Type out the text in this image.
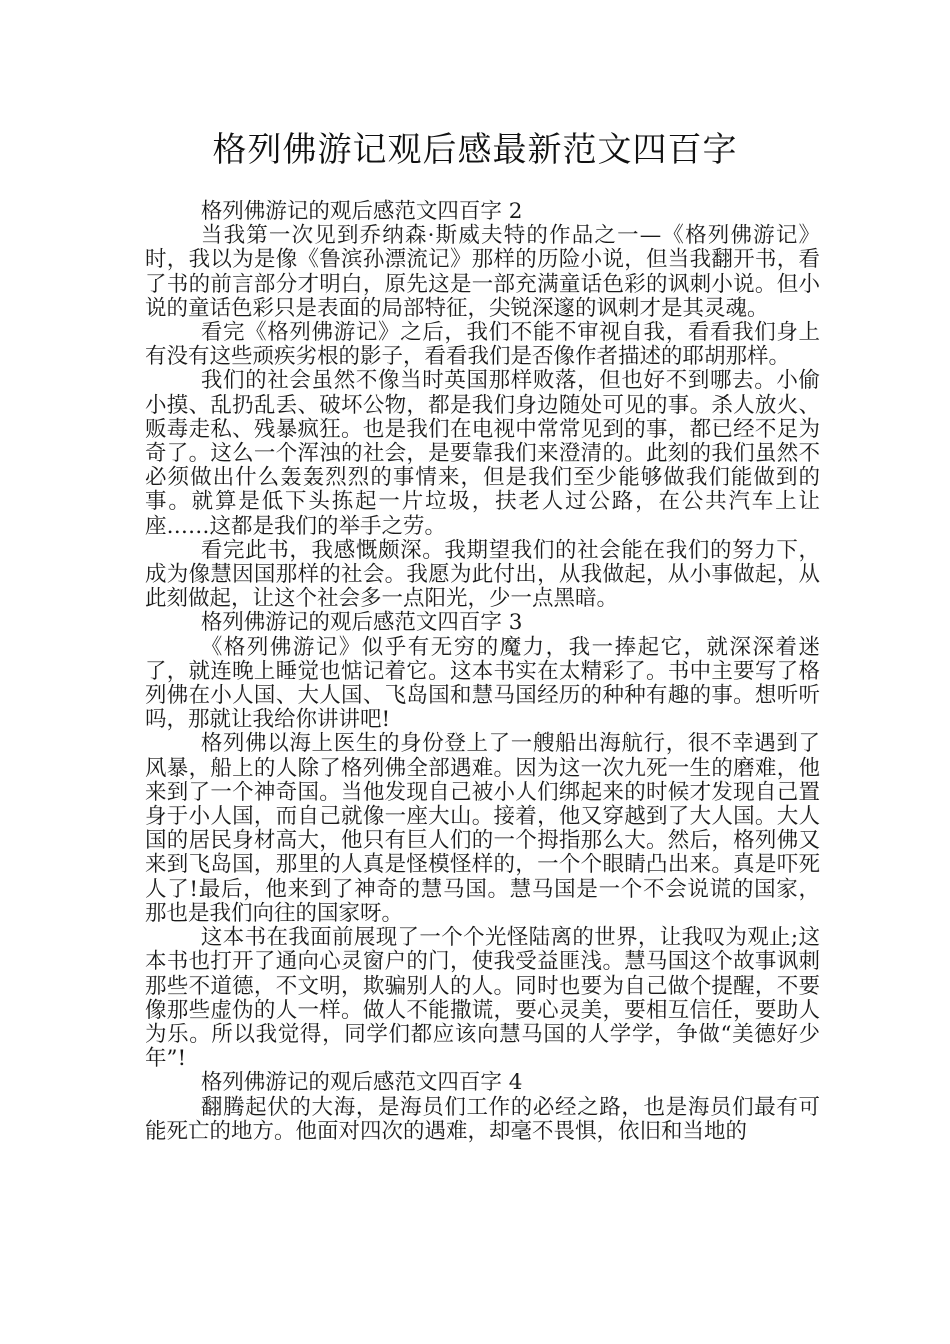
格列佛游记观后感最新范文四百字

格列佛游记的观后感范文四百字 2

当我第一次见到乔纳森·斯威夫特的作品之一—《格列佛游记》时，我以为是像《鲁滨孙漂流记》那样的历险小说，但当我翻开书，看了书的前言部分才明白，原先这是一部充满童话色彩的讽刺小说。但小说的童话色彩只是表面的局部特征，尖锐深邃的讽刺才是其灵魂。

看完《格列佛游记》之后，我们不能不审视自我，看看我们身上有没有这些顽疾劣根的影子，看看我们是否像作者描述的耶胡那样。

我们的社会虽然不像当时英国那样败落，但也好不到哪去。小偷小摸、乱扔乱丢、破坏公物，都是我们身边随处可见的事。杀人放火、贩毒走私、残暴疯狂。也是我们在电视中常常见到的事，都已经不足为奇了。这么一个浑浊的社会，是要靠我们来澄清的。此刻的我们虽然不必须做出什么轰轰烈烈的事情来，但是我们至少能够做我们能做到的事。就算是低下头拣起一片垃圾，扶老人过公路，在公共汽车上让座……这都是我们的举手之劳。

看完此书，我感慨颇深。我期望我们的社会能在我们的努力下，成为像慧因国那样的社会。我愿为此付出，从我做起，从小事做起，从此刻做起，让这个社会多一点阳光，少一点黑暗。

格列佛游记的观后感范文四百字 3

《格列佛游记》似乎有无穷的魔力，我一捧起它，就深深着迷了，就连晚上睡觉也惦记着它。这本书实在太精彩了。书中主要写了格列佛在小人国、大人国、飞岛国和慧马国经历的种种有趣的事。想听听吗，那就让我给你讲讲吧!

格列佛以海上医生的身份登上了一艘船出海航行，很不幸遇到了风暴，船上的人除了格列佛全部遇难。因为这一次九死一生的磨难，他来到了一个神奇国。当他发现自己被小人们绑起来的时候才发现自己置身于小人国，而自己就像一座大山。接着，他又穿越到了大人国。大人国的居民身材高大，他只有巨人们的一个拇指那么大。然后，格列佛又来到飞岛国，那里的人真是怪模怪样的，一个个眼睛凸出来。真是吓死人了!最后，他来到了神奇的慧马国。慧马国是一个不会说谎的国家，那也是我们向往的国家呀。

这本书在我面前展现了一个个光怪陆离的世界，让我叹为观止;这本书也打开了通向心灵窗户的门，使我受益匪浅。慧马国这个故事讽刺那些不道德，不文明，欺骗别人的人。同时也要为自己做个提醒，不要像那些虚伪的人一样。做人不能撒谎，要心灵美，要相互信任，要助人为乐。所以我觉得，同学们都应该向慧马国的人学学，争做“美德好少年”!

格列佛游记的观后感范文四百字 4

翻腾起伏的大海，是海员们工作的必经之路，也是海员们最有可能死亡的地方。他面对四次的遇难，却毫不畏惧，依旧和当地的
